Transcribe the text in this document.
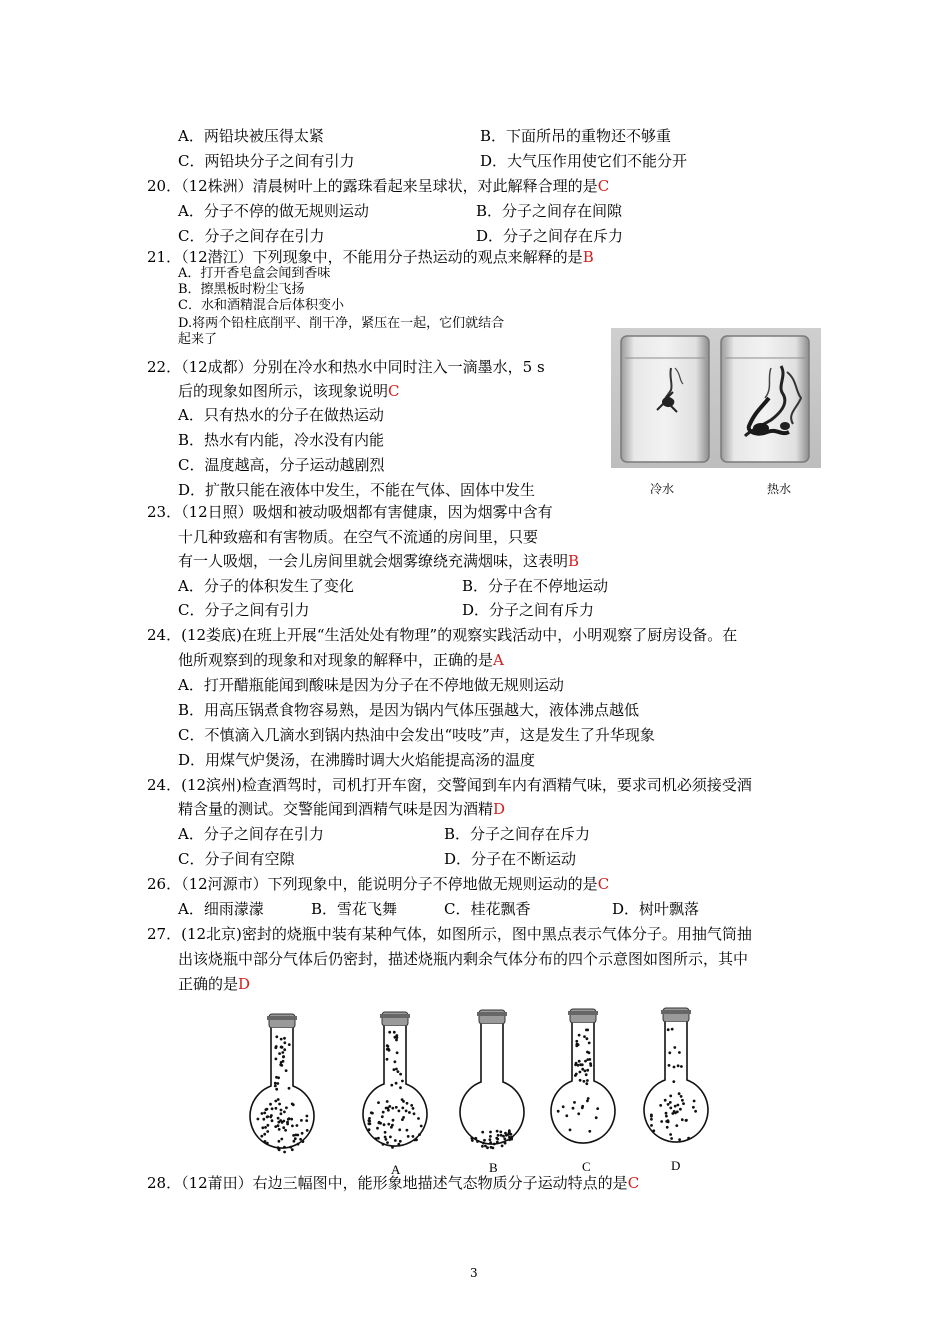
A．两铅块被压得太紧	B．下面所吊的重物还不够重
C．两铅块分子之间有引力	D．大气压作用使它们不能分开
20．（12株洲）清晨树叶上的露珠看起来呈球状，对此解释合理的是C
A．分子不停的做无规则运动	B．分子之间存在间隙
C．分子之间存在引力	D．分子之间存在斥力
21．（12潜江）下列现象中，不能用分子热运动的观点来解释的是B
A．打开香皂盒会闻到香味
B．擦黑板时粉尘飞扬
C．水和酒精混合后体积变小
D.将两个铅柱底削平、削干净，紧压在一起，它们就结合
起来了
22．（12成都）分别在冷水和热水中同时注入一滴墨水，5 s
后的现象如图所示，该现象说明C
A．只有热水的分子在做热运动
B．热水有内能，冷水没有内能
C．温度越高，分子运动越剧烈
D．扩散只能在液体中发生，不能在气体、固体中发生	冷水	热水
23．（12日照）吸烟和被动吸烟都有害健康，因为烟雾中含有
十几种致癌和有害物质。在空气不流通的房间里，只要
有一人吸烟，一会儿房间里就会烟雾缭绕充满烟味，这表明B
A．分子的体积发生了变化	B．分子在不停地运动
C．分子之间有引力	D．分子之间有斥力
24．(12娄底)在班上开展“生活处处有物理”的观察实践活动中，小明观察了厨房设备。在
他所观察到的现象和对现象的解释中，正确的是A
A．打开醋瓶能闻到酸味是因为分子在不停地做无规则运动
B．用高压锅煮食物容易熟，是因为锅内气体压强越大，液体沸点越低
C．不慎滴入几滴水到锅内热油中会发出“吱吱”声，这是发生了升华现象
D．用煤气炉煲汤，在沸腾时调大火焰能提高汤的温度
24．(12滨州)检查酒驾时，司机打开车窗，交警闻到车内有酒精气味，要求司机必须接受酒
精含量的测试。交警能闻到酒精气味是因为酒精D
A．分子之间存在引力	B．分子之间存在斥力
C．分子间有空隙	D．分子在不断运动
26．（12河源市）下列现象中，能说明分子不停地做无规则运动的是C
A．细雨濛濛	B．雪花飞舞	C．桂花飘香	D．树叶飘落
27．(12北京)密封的烧瓶中装有某种气体，如图所示，图中黑点表示气体分子。用抽气筒抽
出该烧瓶中部分气体后仍密封，描述烧瓶内剩余气体分布的四个示意图如图所示，其中
正确的是D
A	B	C	D
28．（12莆田）右边三幅图中，能形象地描述气态物质分子运动特点的是C
3
